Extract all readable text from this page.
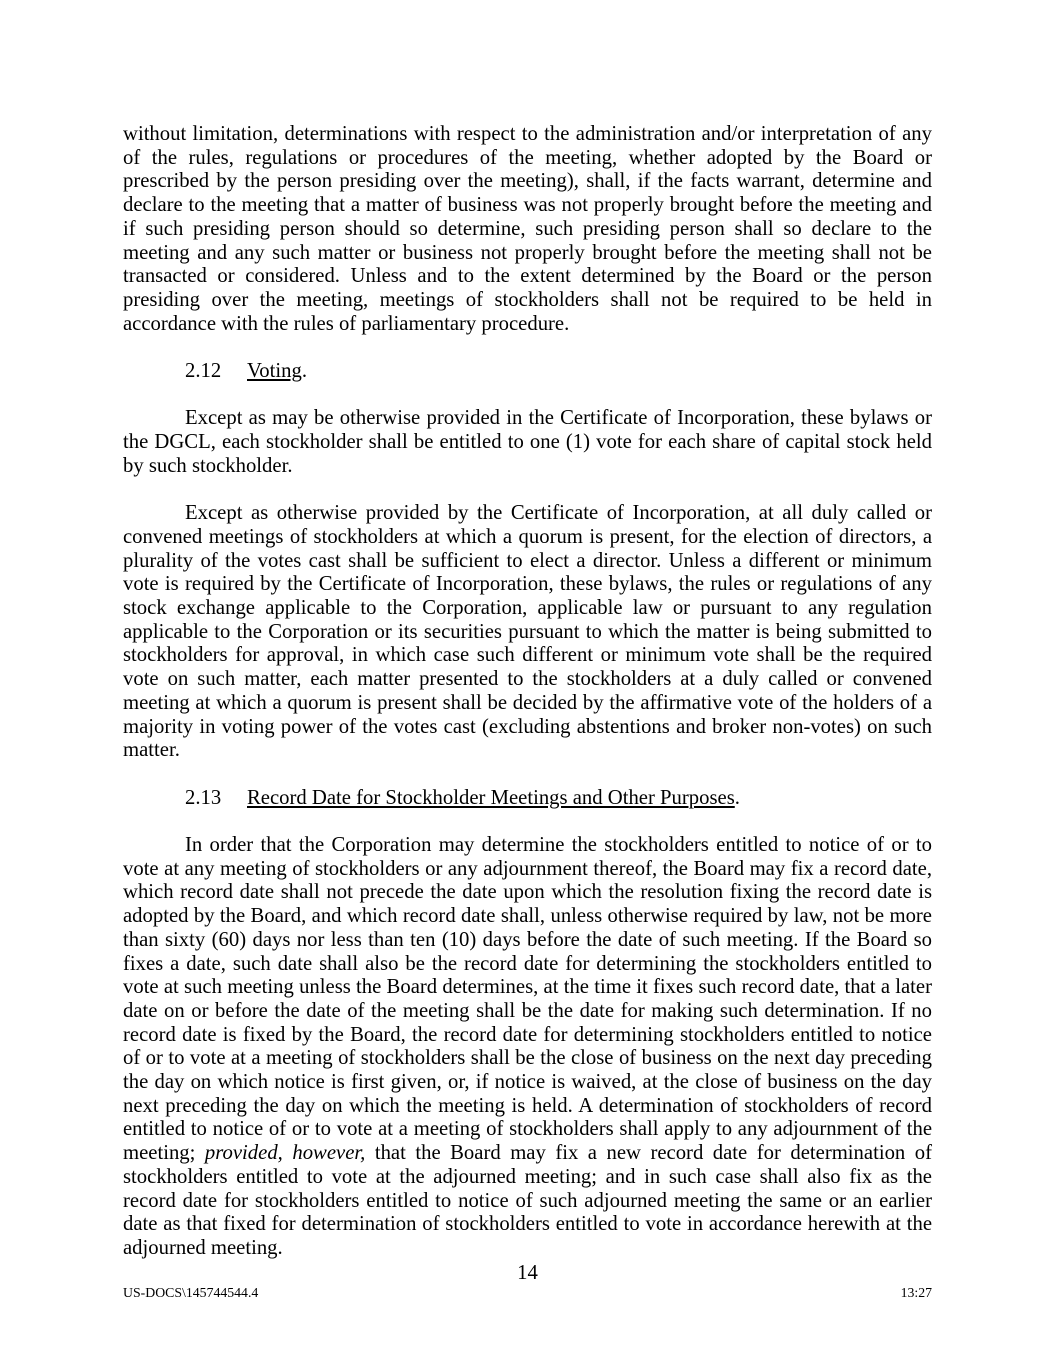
without limitation, determinations with respect to the administration and/or interpretation of any of the rules, regulations or procedures of the meeting, whether adopted by the Board or prescribed by the person presiding over the meeting), shall, if the facts warrant, determine and declare to the meeting that a matter of business was not properly brought before the meeting and if such presiding person should so determine, such presiding person shall so declare to the meeting and any such matter or business not properly brought before the meeting shall not be transacted or considered. Unless and to the extent determined by the Board or the person presiding over the meeting, meetings of stockholders shall not be required to be held in accordance with the rules of parliamentary procedure.

2.12 Voting.

Except as may be otherwise provided in the Certificate of Incorporation, these bylaws or the DGCL, each stockholder shall be entitled to one (1) vote for each share of capital stock held by such stockholder.

Except as otherwise provided by the Certificate of Incorporation, at all duly called or convened meetings of stockholders at which a quorum is present, for the election of directors, a plurality of the votes cast shall be sufficient to elect a director. Unless a different or minimum vote is required by the Certificate of Incorporation, these bylaws, the rules or regulations of any stock exchange applicable to the Corporation, applicable law or pursuant to any regulation applicable to the Corporation or its securities pursuant to which the matter is being submitted to stockholders for approval, in which case such different or minimum vote shall be the required vote on such matter, each matter presented to the stockholders at a duly called or convened meeting at which a quorum is present shall be decided by the affirmative vote of the holders of a majority in voting power of the votes cast (excluding abstentions and broker non-votes) on such matter.

2.13 Record Date for Stockholder Meetings and Other Purposes.

In order that the Corporation may determine the stockholders entitled to notice of or to vote at any meeting of stockholders or any adjournment thereof, the Board may fix a record date, which record date shall not precede the date upon which the resolution fixing the record date is adopted by the Board, and which record date shall, unless otherwise required by law, not be more than sixty (60) days nor less than ten (10) days before the date of such meeting. If the Board so fixes a date, such date shall also be the record date for determining the stockholders entitled to vote at such meeting unless the Board determines, at the time it fixes such record date, that a later date on or before the date of the meeting shall be the date for making such determination. If no record date is fixed by the Board, the record date for determining stockholders entitled to notice of or to vote at a meeting of stockholders shall be the close of business on the next day preceding the day on which notice is first given, or, if notice is waived, at the close of business on the day next preceding the day on which the meeting is held. A determination of stockholders of record entitled to notice of or to vote at a meeting of stockholders shall apply to any adjournment of the meeting; provided, however, that the Board may fix a new record date for determination of stockholders entitled to vote at the adjourned meeting; and in such case shall also fix as the record date for stockholders entitled to notice of such adjourned meeting the same or an earlier date as that fixed for determination of stockholders entitled to vote in accordance herewith at the adjourned meeting.

14
US-DOCS\145744544.4	13:27
